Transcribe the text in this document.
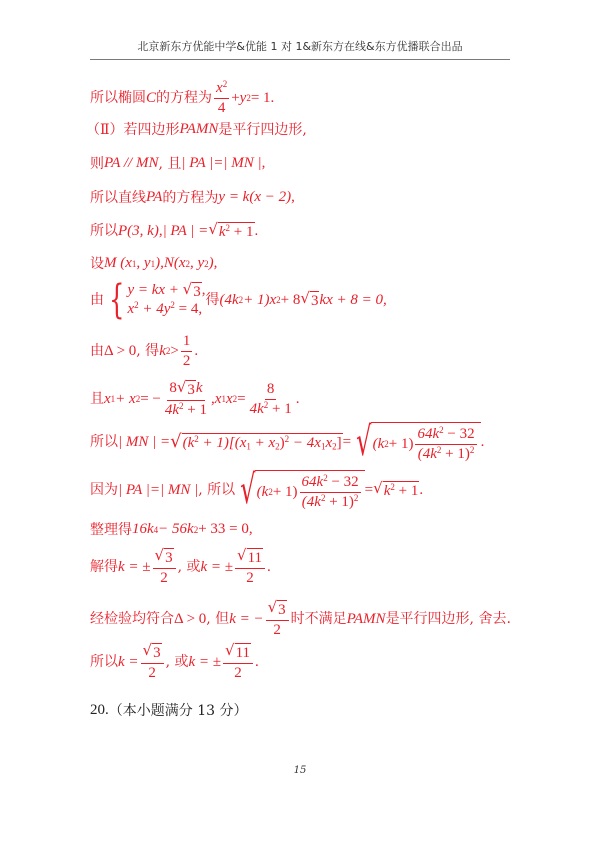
北京新东方优能中学&优能 1 对 1&新东方在线&东方优播联合出品
所以椭圆 C 的方程为 $\frac{x^2}{4} + y$ 2 = 1.
（Ⅱ）若四边形 PAMN 是平行四边形,
则 PA // MN , 且 | PA |=| MN | ,
所以直线 PA 的方程为 y = k(x − 2) ,
所以 P(3, k) , | PA | = √ $k^2 + 1$ .
设 M (x 1 , y 1 ), N(x 2 , y 2 ),
由 { y = kx + √ 3 ,
$x^2 + 4y^2 = 4$,
得 (4k 2 + 1)x 2 + 8 √ 3 kx + 8 = 0,
由 Δ > 0 , 得 k $2 > \frac{1}{2}$ .
且 x 1 + x 2 = − $\frac{8 √ 3 k}{4k^2 + 1}$ , x 1 x $2 = \frac{8}{4k^2 + 1}$ .
所以 | MN | = √ $(k^2 + 1)[(x_1 + x_2)^2 - 4x_1x_2]$ = √ (k $2 + 1) \frac{64k^2 - 32}{(4k^2 + 1)^2}$ .
因为 | PA |=| MN | , 所以 √ (k $2 + 1) \frac{64k^2 - 32}{(4k^2 + 1)^2}$ = √ $k^2 + 1$ .
整理得 16k 4 − 56k 2 + 33 = 0,
解得 k = ± $\frac{√ 3}{2}$ , 或 k = ± $\frac{√ 11}{2}$ .
经检验均符合 Δ > 0 , 但 k = − $\frac{√ 3}{2}$ 时不满足 PAMN 是平行四边形, 舍去.
所以 $k = \frac{√ 3}{2}$ , 或 k = ± $\frac{√ 11}{2}$ .
20. （本小题满分 13 分）
15
